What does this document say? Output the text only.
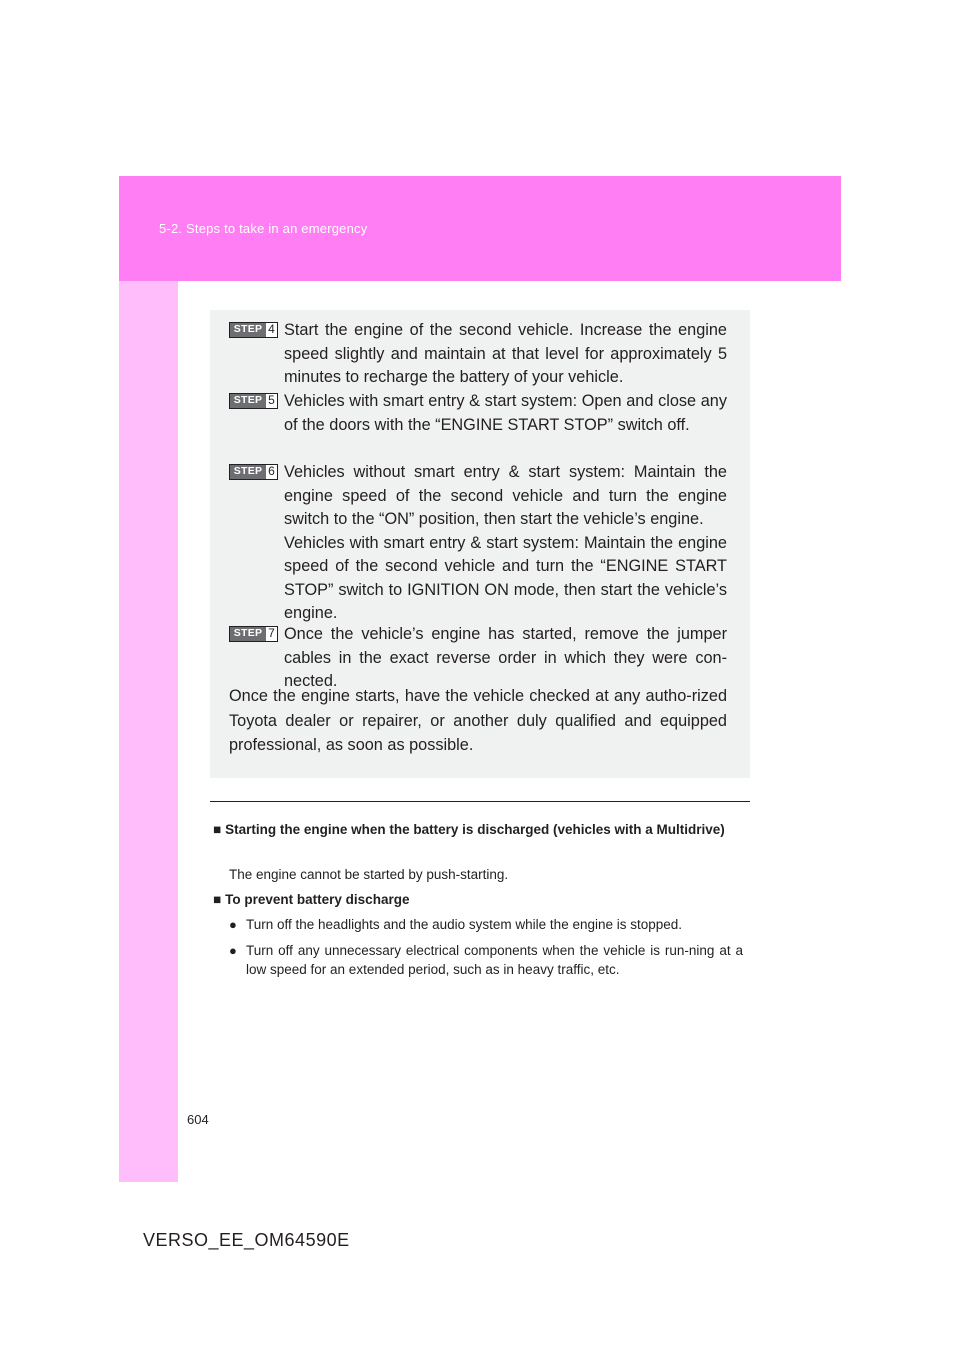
5-2. Steps to take in an emergency
STEP 4 Start the engine of the second vehicle. Increase the engine speed slightly and maintain at that level for approximately 5 minutes to recharge the battery of your vehicle.

STEP 5 Vehicles with smart entry & start system: Open and close any of the doors with the “ENGINE START STOP” switch off.

STEP 6 Vehicles without smart entry & start system: Maintain the engine speed of the second vehicle and turn the engine switch to the “ON” position, then start the vehicle’s engine.

Vehicles with smart entry & start system: Maintain the engine speed of the second vehicle and turn the “ENGINE START STOP” switch to IGNITION ON mode, then start the vehicle’s engine.

STEP 7 Once the vehicle’s engine has started, remove the jumper cables in the exact reverse order in which they were con-nected.

Once the engine starts, have the vehicle checked at any autho-rized Toyota dealer or repairer, or another duly qualified and equipped professional, as soon as possible.

■ Starting the engine when the battery is discharged (vehicles with a Multidrive)
The engine cannot be started by push-starting.
■ To prevent battery discharge
● Turn off the headlights and the audio system while the engine is stopped.
● Turn off any unnecessary electrical components when the vehicle is run-ning at a low speed for an extended period, such as in heavy traffic, etc.
604
VERSO_EE_OM64590E
